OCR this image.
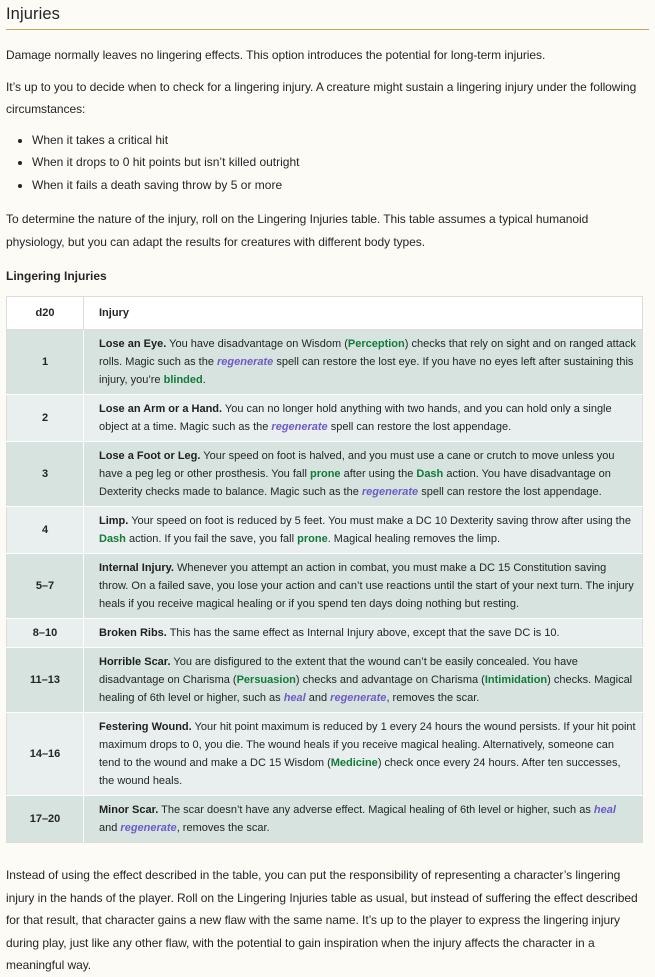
Injuries

Damage normally leaves no lingering effects. This option introduces the potential for long-term injuries.

It’s up to you to decide when to check for a lingering injury. A creature might sustain a lingering injury under the following circumstances:

• When it takes a critical hit
• When it drops to 0 hit points but isn’t killed outright
• When it fails a death saving throw by 5 or more

To determine the nature of the injury, roll on the Lingering Injuries table. This table assumes a typical humanoid physiology, but you can adapt the results for creatures with different body types.

Lingering Injuries
d20	Injury
1	Lose an Eye. You have disadvantage on Wisdom (Perception) checks that rely on sight and on ranged attack rolls. Magic such as the regenerate spell can restore the lost eye. If you have no eyes left after sustaining this injury, you’re blinded.
2	Lose an Arm or a Hand. You can no longer hold anything with two hands, and you can hold only a single object at a time. Magic such as the regenerate spell can restore the lost appendage.
3	Lose a Foot or Leg. Your speed on foot is halved, and you must use a cane or crutch to move unless you have a peg leg or other prosthesis. You fall prone after using the Dash action. You have disadvantage on Dexterity checks made to balance. Magic such as the regenerate spell can restore the lost appendage.
4	Limp. Your speed on foot is reduced by 5 feet. You must make a DC 10 Dexterity saving throw after using the Dash action. If you fail the save, you fall prone. Magical healing removes the limp.
5–7	Internal Injury. Whenever you attempt an action in combat, you must make a DC 15 Constitution saving throw. On a failed save, you lose your action and can’t use reactions until the start of your next turn. The injury heals if you receive magical healing or if you spend ten days doing nothing but resting.
8–10	Broken Ribs. This has the same effect as Internal Injury above, except that the save DC is 10.
11–13	Horrible Scar. You are disfigured to the extent that the wound can’t be easily concealed. You have disadvantage on Charisma (Persuasion) checks and advantage on Charisma (Intimidation) checks. Magical healing of 6th level or higher, such as heal and regenerate, removes the scar.
14–16	Festering Wound. Your hit point maximum is reduced by 1 every 24 hours the wound persists. If your hit point maximum drops to 0, you die. The wound heals if you receive magical healing. Alternatively, someone can tend to the wound and make a DC 15 Wisdom (Medicine) check once every 24 hours. After ten successes, the wound heals.
17–20	Minor Scar. The scar doesn’t have any adverse effect. Magical healing of 6th level or higher, such as heal and regenerate, removes the scar.

Instead of using the effect described in the table, you can put the responsibility of representing a character’s lingering injury in the hands of the player. Roll on the Lingering Injuries table as usual, but instead of suffering the effect described for that result, that character gains a new flaw with the same name. It’s up to the player to express the lingering injury during play, just like any other flaw, with the potential to gain inspiration when the injury affects the character in a meaningful way.
